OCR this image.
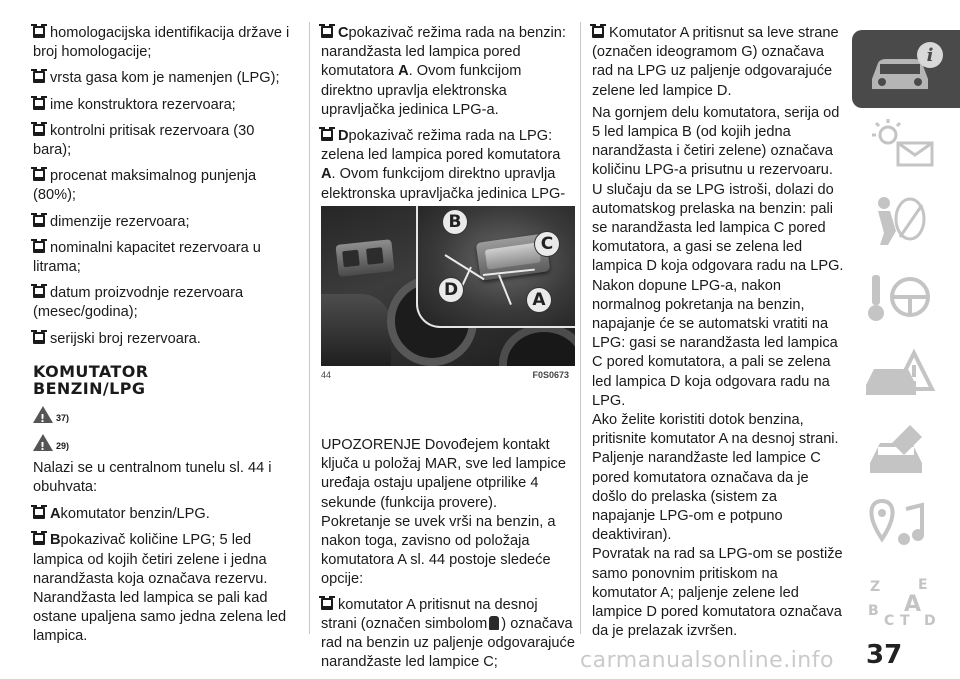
homologacijska identifikacija države i broj homologacije;
vrsta gasa kom je namenjen (LPG);
ime konstruktora rezervoara;
kontrolni pritisak rezervoara (30 bara);
procenat maksimalnog punjenja (80%);
dimenzije rezervoara;
nominalni kapacitet rezervoara u litrama;
datum proizvodnje rezervoara (mesec/godina);
serijski broj rezervoara.
KOMUTATOR
BENZIN/LPG
!
37)
!
29)

Nalazi se u centralnom tunelu sl. 44 i obuhvata:

Akomutator benzin/LPG.
Bpokazivač količine LPG; 5 led lampica od kojih četiri zelene i jedna narandžasta koja označava rezervu. Narandžasta led lampica se pali kad ostane upaljena samo jedna zelena led lampica.
Cpokazivač režima rada na benzin: narandžasta led lampica pored komutatora A. Ovom funkcijom direktno upravlja elektronska upravljačka jedinica LPG-a.
Dpokazivač režima rada na LPG: zelena led lampica pored komutatora A. Ovom funkcijom direktno upravlja elektronska upravljačka jedinica LPG-

UPOZORENJE Dovođejem kontakt ključa u položaj MAR, sve led lampice uređaja ostaju upaljene otprilike 4 sekunde (funkcija provere).

Pokretanje se uvek vrši na benzin, a nakon toga, zavisno od položaja komutatora A sl. 44 postoje sledeće opcije:

komutator A pritisnut na desnoj strani (označen simbolom ) označava rad na benzin uz paljenje odgovarajuće narandžaste led lampice C;
B
C
D	A
44	F0S0673
Komutator A pritisnut sa leve strane (označen ideogramom G) označava rad na LPG uz paljenje odgovarajuće zelene led lampice D.

Na gornjem delu komutatora, serija od 5 led lampica B (od kojih jedna narandžasta i četiri zelene) označava količinu LPG-a prisutnu u rezervoaru.

U slučaju da se LPG istroši, dolazi do automatskog prelaska na benzin: pali se narandžasta led lampica C pored komutatora, a gasi se zelena led lampica D koja odgovara radu na LPG.

Nakon dopune LPG-a, nakon normalnog pokretanja na benzin, napajanje će se automatski vratiti na LPG: gasi se narandžasta led lampica C pored komutatora, a pali se zelena led lampica D koja odgovara radu na LPG.

Ako želite koristiti dotok benzina, pritisnite komutator A na desnoj strani. Paljenje narandžaste led lampice C pored komutatora označava da je došlo do prelaska (sistem za napajanje LPG-om e potpuno deaktiviran).

Povratak na rad sa LPG-om se postiže samo ponovnim pritiskom na komutator A; paljenje zelene led lampice D pored komutatora označava da je prelazak izvršen.

i
Z	E
B A
C T D
37
carmanualsonline.info
